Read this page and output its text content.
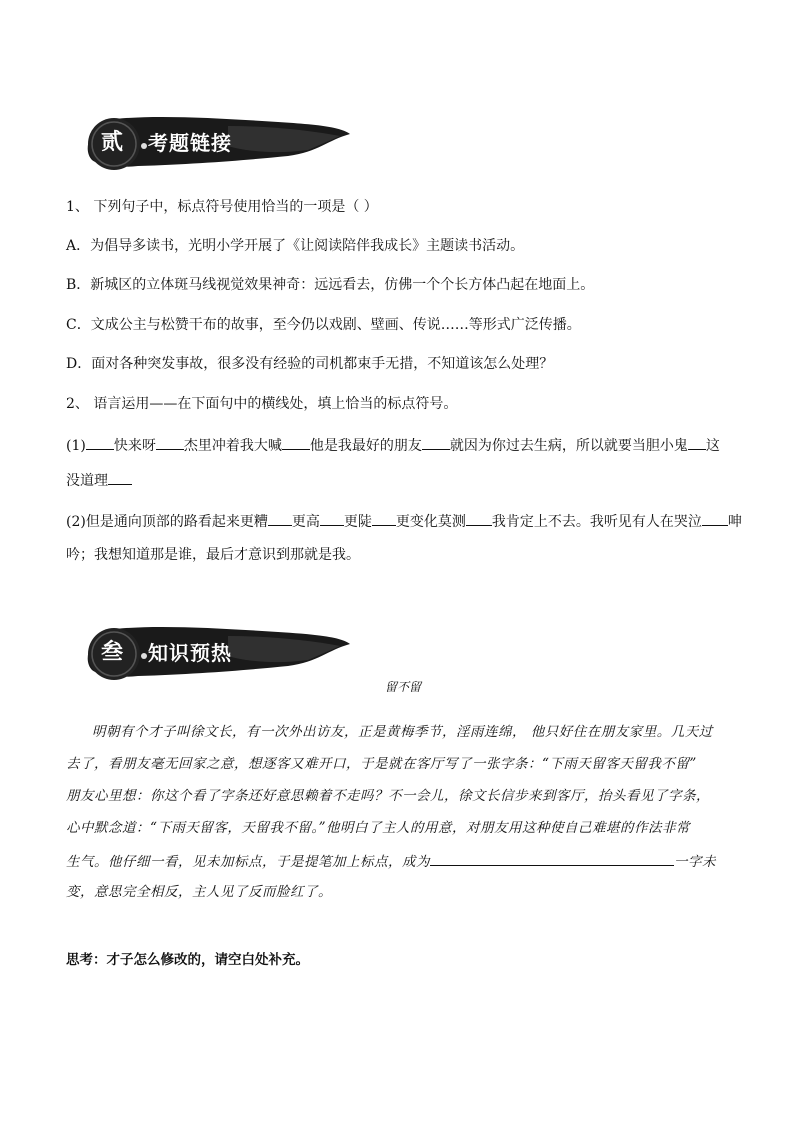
贰	考题链接

1、 下列句子中，标点符号使用恰当的一项是（ ）

A．为倡导多读书，光明小学开展了《让阅读陪伴我成长》主题读书活动。

B．新城区的立体斑马线视觉效果神奇：远远看去，仿佛一个个长方体凸起在地面上。

C．文成公主与松赞干布的故事，至今仍以戏剧、壁画、传说……等形式广泛传播。

D．面对各种突发事故，很多没有经验的司机都束手无措，不知道该怎么处理？

2、 语言运用——在下面句中的横线处，填上恰当的标点符号。

(1) 快来呀 杰里冲着我大喊 他是我最好的朋友 就因为你过去生病，所以就要当胆小鬼 这

没道理

(2)但是通向顶部的路看起来更糟 更高 更陡 更变化莫测 我肯定上不去。我听见有人在哭泣 呻

吟；我想知道那是谁，最后才意识到那就是我。

叁	知识预热
留不留

明朝有个才子叫徐文长，有一次外出访友，正是黄梅季节，淫雨连绵， 他只好住在朋友家里。几天过

去了，看朋友毫无回家之意，想逐客又难开口，于是就在客厅写了一张字条：“下雨天留客天留我不留”

朋友心里想：你这个看了字条还好意思赖着不走吗？不一会儿，徐文长信步来到客厅，抬头看见了字条，

心中默念道：“下雨天留客，天留我不留。”他明白了主人的用意，对朋友用这种使自己难堪的作法非常

生气。他仔细一看，见未加标点，于是提笔加上标点，成为	一字未

变，意思完全相反，主人见了反而脸红了。

思考：才子怎么修改的，请空白处补充。
